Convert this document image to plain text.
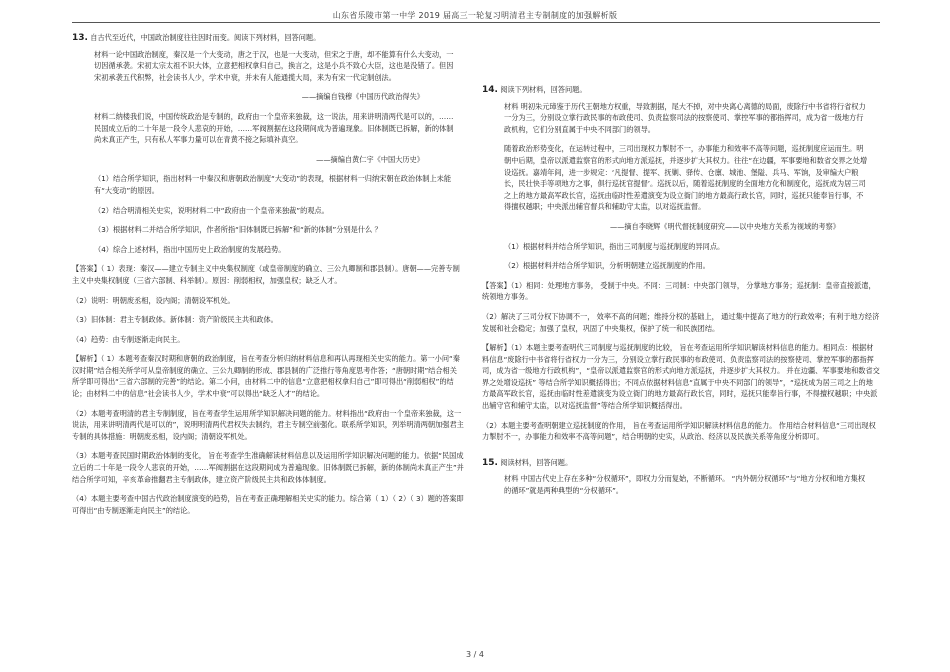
山东省乐陵市第一中学 2019 届高三一轮复习明清君主专制制度的加强解析版
13. 自古代至近代，中国政治制度往往因时而变。阅读下列材料，回答问题。
材料一论中国政治制度，秦汉是一个大变动，唐之于汉，也是一大变动，但宋之于唐，却不能算有什么大变动，一切因循承袭。宋初太宗太祖不识大体，立意把相权拿归自己，换言之，这是小兵不致心大臣，这也是没错了。但因宋初承袭五代积弊，社会读书人少，学术中衰，并未有人能通揽大局，来为有宋一代定制创法。
——摘编自钱穆《中国历代政治得失》
材料二纳楼我们说，中国传统政治是专制的，政府由一个皇帝来独裁，这一说法，用来讲明清两代是可以的，……民国成立后的二十年是一段令人悲哀的开始，……军阀割据在这段期间成为普遍现象。旧体制既已拆解，新的体制尚未真正产生，只有私人军事力量可以在青黄不接之际填补真空。
——摘编自黄仁宇《中国大历史》
（1）结合所学知识，指出材料一中秦汉和唐朝政治制度“大变动”的表现，根据材料一归纳宋朝在政治体制上未能有“大变动”的原因。
（2）结合明清相关史实，说明材料二中“政府由一个皇帝来独裁”的观点。
（3）根据材料二并结合所学知识，作者所指“旧体制既已拆解”和“新的体制”分别是什么 ？
（4）综合上述材料，指出中国历史上政治制度的发展趋势。
【答案】（ 1）表现：秦汉——建立专制主义中央集权制度（或皇帝制度的确立、三公九卿制和郡县制）。唐朝——完善专制主义中央集权制度（三省六部制、科举制）。原因：削弱相权，加强皇权；缺乏人才。
（2）说明：明朝废丞相，设内阁；清朝设军机处。
（3）旧体制：君主专制政体。新体制：资产阶级民主共和政体。
（4）趋势：由专制逐渐走向民主。
【解析】（ 1）本题考查秦汉时期和唐朝的政治制度，旨在考查分析归纳材料信息和再认再现相关史实的能力。第一小问“秦汉时期”结合相关所学可从皇帝制度的确立、三公九卿制的形成、郡县制的广泛推行等角度思考作答；“唐朝时期”结合相关所学即可得出“三省六部制的完善”的结论。第二小问，由材料二中的信息“立意把相权拿归自己”即可得出“削弱相权”的结论；由材料二中的信息“社会读书人少，学术中衰”可以得出“缺乏人才”的结论。
（2）本题考查明清的君主专制制度，旨在考查学生运用所学知识解决问题的能力。材料指出“政府由一个皇帝来独裁，这一说法，用来讲明清两代是可以的”，说明明清两代君权失去制约，君主专制空前强化。联系所学知识，列举明清两朝加强君主专制的具体措施：明朝废丞相，设内阁；清朝设军机处。
（3）本题考查民国时期政治体制的变化， 旨在考查学生准确解读材料信息以及运用所学知识解决问题的能力。依据“民国成立后的二十年是一段令人悲哀的开始，……军阀割据在这段期间成为普遍现象。旧体制既已拆解，新的体制尚未真正产生”并结合所学可知，辛亥革命推翻君主专制政体，建立资产阶级民主共和政体体制度。
（4）本题主要考查中国古代政治制度演变的趋势，旨在考查正确理解相关史实的能力。综合第（ 1）（ 2）（ 3）题的答案即可得出“由专制逐渐走向民主”的结论。
14. 阅读下列材料，回答问题。
材料 明初朱元璋鉴于历代王朝地方权重，导致割据，尾大不掉，对中央离心离德的局面，废除行中书省将行省权力一分为三，分别设立掌行政民事的布政使司、负责监察司法的按察使司、掌控军事的都指挥司，成为省一级地方行政机构，它们分别直属于中央不同部门的领导。
随着政治形势变化，在运转过程中，三司出现权力掣肘不一，办事能力和效率不高等问题，巡抚制度应运而生。明朝中后期，皇帝以派遣监察官的形式向地方派巡抚，并逐步扩大其权力。往往“在边疆，军事要地和数省交界之处增设巡抚。嘉靖年间，进一步规定：‘凡提督、提军、抚剿、驿传、仓廪、城池、堡隘、兵马、军饷，及审编大户粮长，民壮快手等项地方之事，俱行巡抚官提督’。巡抚以后，随着巡抚制度的全面地方化和制度化，巡抚成为居三司之上的地方最高军政长官，巡抚由临时性差遣演变为设立衙门的地方最高行政长官，同时，巡抚只能奉旨行事，不得擅权越职；中央派出辅官督兵和辅助守太监，以对巡抚监督。
——摘自李晓辉《明代督抚制度研究——以中央地方关系为视域的考察》
（1）根据材料并结合所学知识，指出三司制度与巡抚制度的异同点。
（2）根据材料并结合所学知识，分析明朝建立巡抚制度的作用。
【答案】（1）相同：处理地方事务， 受制于中央。不同：三司制：中央部门领导， 分掌地方事务；巡抚制：皇帝直接派遣，统领地方事务。
（2）解决了三司分权下协调不一， 效率不高的问题；维持分权的基础上， 通过集中提高了地方的行政效率；有利于地方经济发展和社会稳定；加强了皇权，巩固了中央集权，保护了统一和民族团结。
【解析】（1）本题主要考查明代三司制度与巡抚制度的比较， 旨在考查运用所学知识解读材料信息的能力。相同点：根据材料信息“废除行中书省将行省权力一分为三，分别设立掌行政民事的布政使司、负责监察司法的按察使司、掌控军事的都指挥司，成为省一级地方行政机构”，“皇帝以派遣监察官的形式向地方派巡抚，并逐步扩大其权力。 并在边疆、军事要地和数省交界之处增设巡抚” 等结合所学知识概括得出；不同点依据材料信息“直属于中央不同部门的领导”，“巡抚成为居三司之上的地方最高军政长官，巡抚由临时性差遣演变为设立衙门的地方最高行政长官，同时，巡抚只能奉旨行事，不得擅权越职；中央派出辅守官和辅守太监，以对巡抚监督”等结合所学知识概括得出。
（2）本题主要考查明朝建立巡抚制度的作用， 旨在考查运用所学知识解读材料信息的能力。 作用结合材料信息“三司出现权力掣肘不一，办事能力和效率不高等问题”，结合明朝的史实，从政治、经济以及民族关系等角度分析即可。
15. 阅读材料，回答问题。
材料 中国古代史上存在多种“分权循环”，即权力分而复始，不断循环。 “内外朝分权循环”与“地方分权和地方集权的循环”就是两种典型的“分权循环”。
3 / 4
